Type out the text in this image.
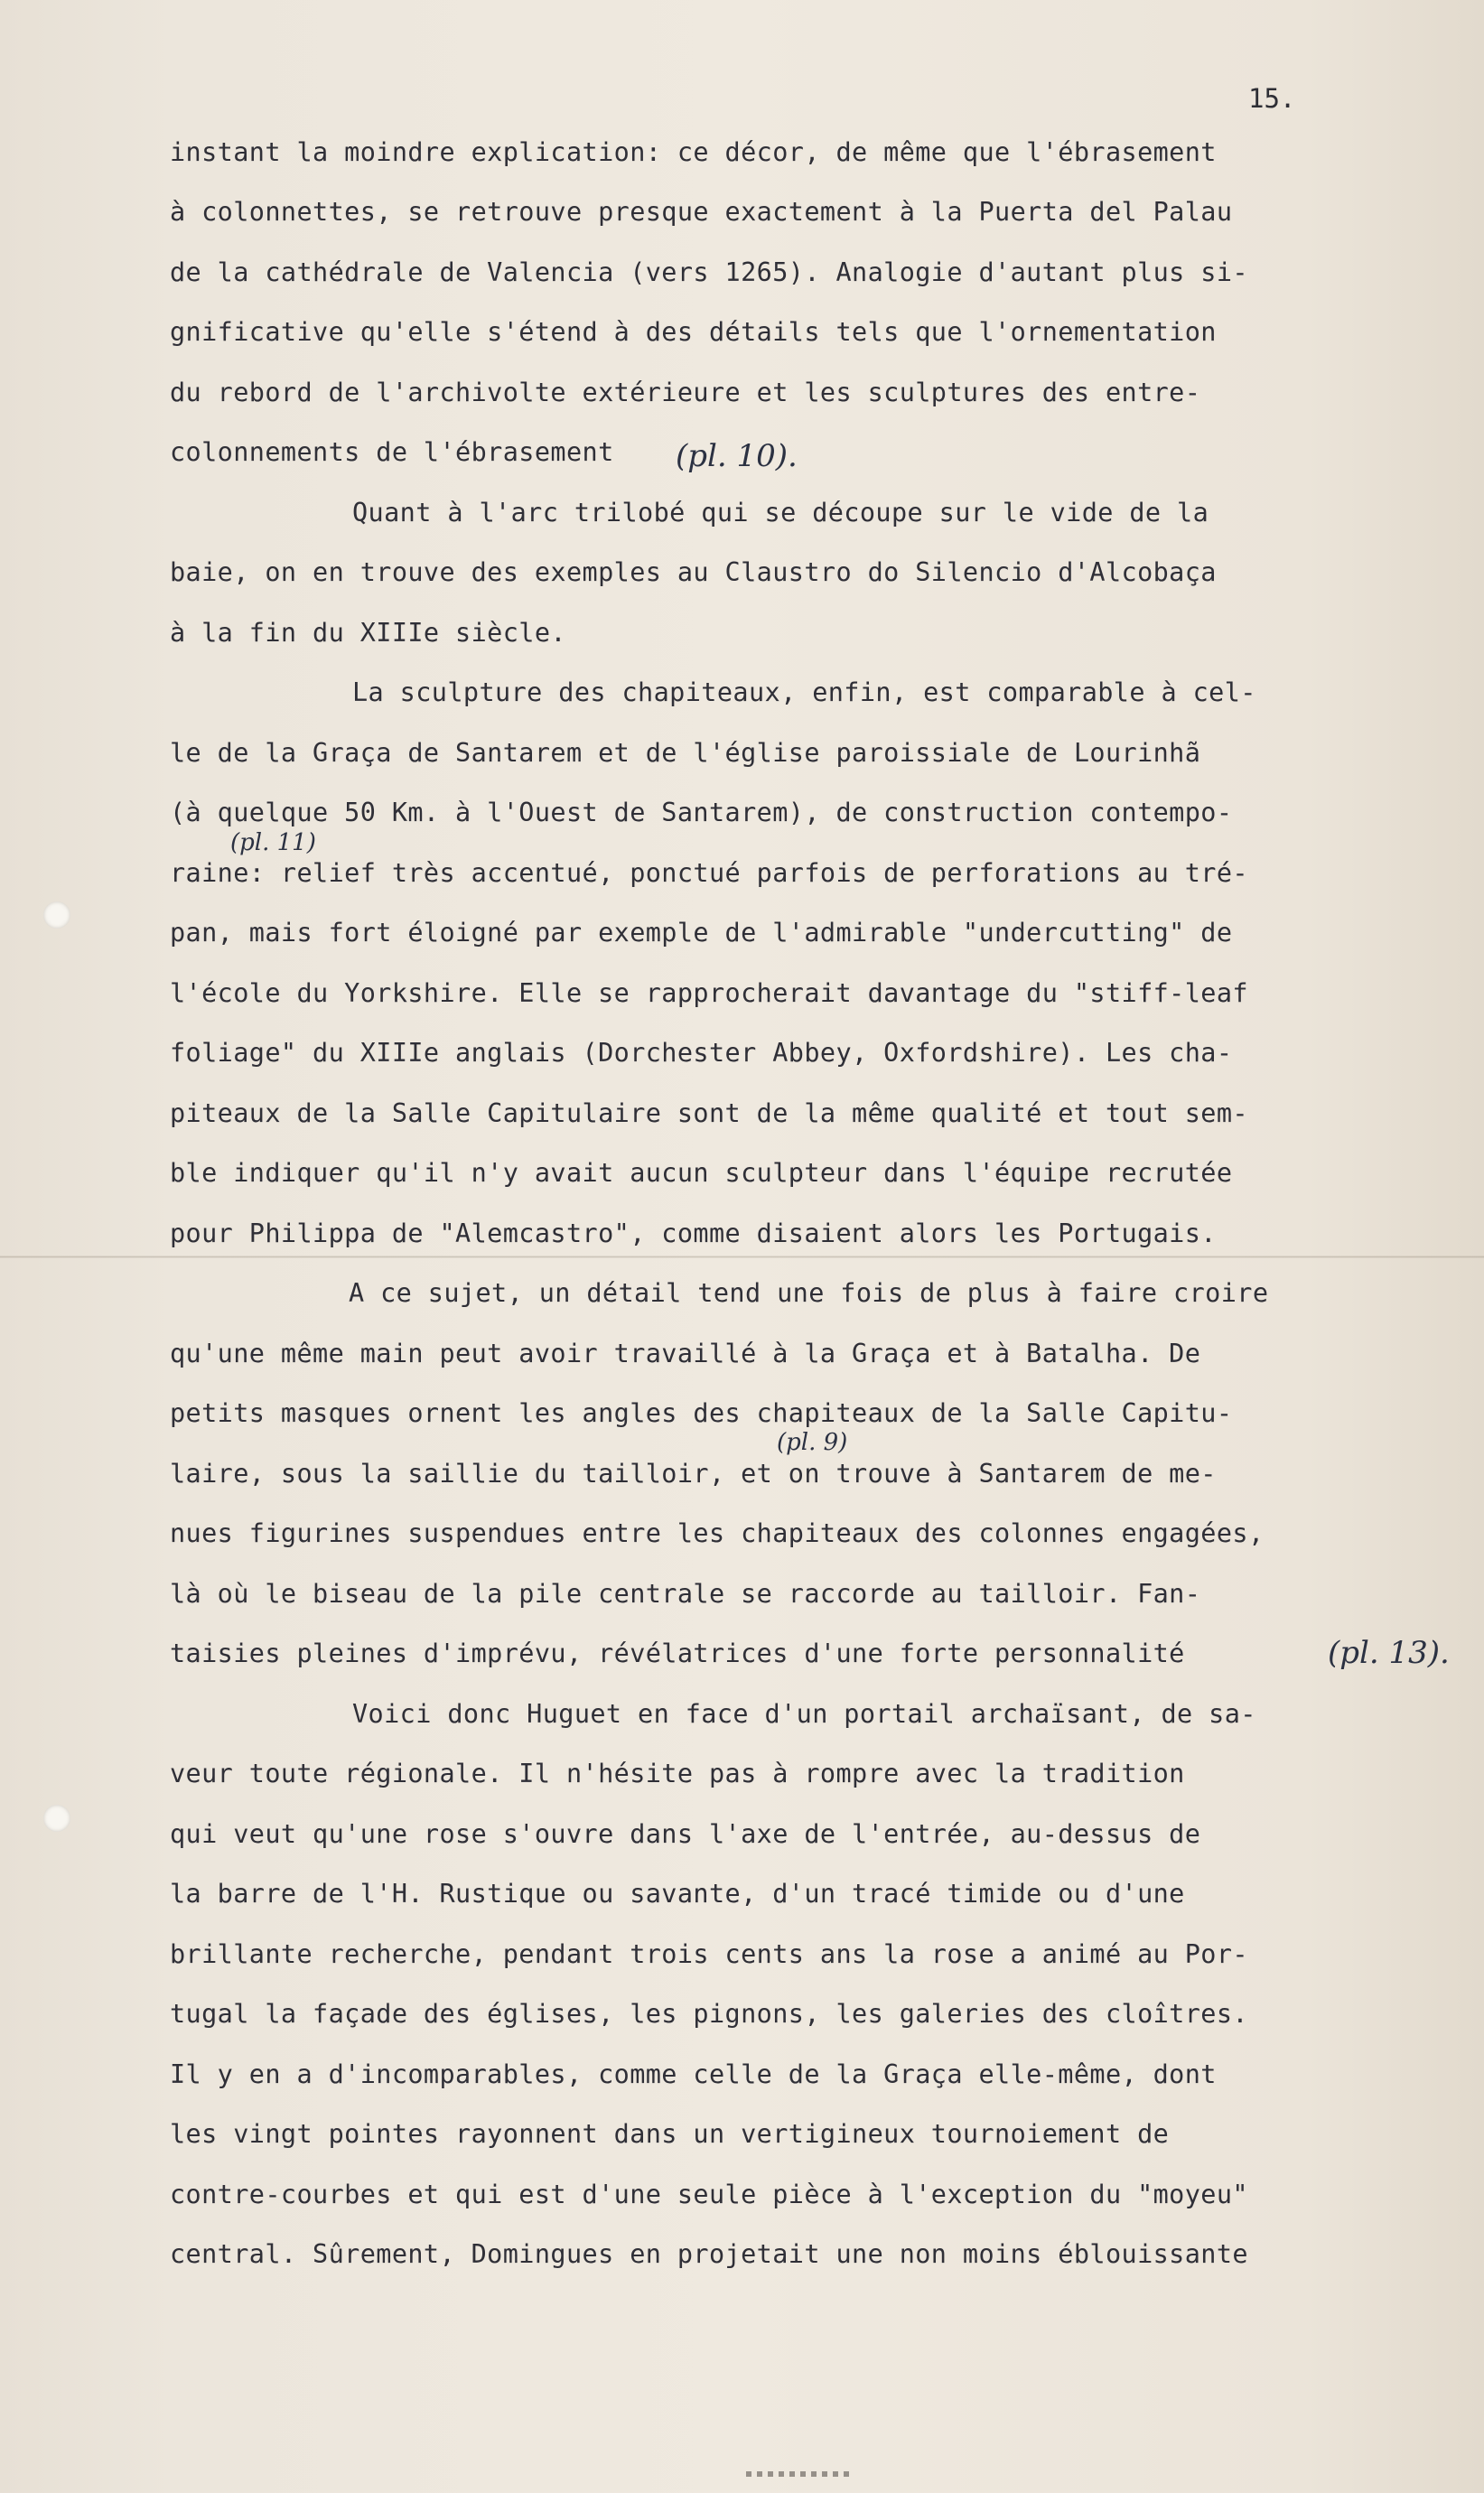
15.
instant la moindre explication: ce décor, de même que l'ébrasement
à colonnettes, se retrouve presque exactement à la Puerta del Palau
de la cathédrale de Valencia (vers 1265). Analogie d'autant plus si-
gnificative qu'elle s'étend à des détails tels que l'ornementation
du rebord de l'archivolte extérieure et les sculptures des entre-
colonnements de l'ébrasement
Quant à l'arc trilobé qui se découpe sur le vide de la
baie, on en trouve des exemples au Claustro do Silencio d'Alcobaça
à la fin du XIIIe siècle.
La sculpture des chapiteaux, enfin, est comparable à cel-
le de la Graça de Santarem et de l'église paroissiale de Lourinhã
(à quelque 50 Km. à l'Ouest de Santarem), de construction contempo-
raine: relief très accentué, ponctué parfois de perforations au tré-
pan, mais fort éloigné par exemple de l'admirable "undercutting" de
l'école du Yorkshire. Elle se rapprocherait davantage du "stiff-leaf
foliage" du XIIIe anglais (Dorchester Abbey, Oxfordshire). Les cha-
piteaux de la Salle Capitulaire sont de la même qualité et tout sem-
ble indiquer qu'il n'y avait aucun sculpteur dans l'équipe recrutée
pour Philippa de "Alemcastro", comme disaient alors les Portugais.
A ce sujet, un détail tend une fois de plus à faire croire
qu'une même main peut avoir travaillé à la Graça et à Batalha. De
petits masques ornent les angles des chapiteaux de la Salle Capitu-
laire, sous la saillie du tailloir, et on trouve à Santarem de me-
nues figurines suspendues entre les chapiteaux des colonnes engagées,
là où le biseau de la pile centrale se raccorde au tailloir. Fan-
taisies pleines d'imprévu, révélatrices d'une forte personnalité
Voici donc Huguet en face d'un portail archaïsant, de sa-
veur toute régionale. Il n'hésite pas à rompre avec la tradition
qui veut qu'une rose s'ouvre dans l'axe de l'entrée, au-dessus de
la barre de l'H. Rustique ou savante, d'un tracé timide ou d'une
brillante recherche, pendant trois cents ans la rose a animé au Por-
tugal la façade des églises, les pignons, les galeries des cloîtres.
Il y en a d'incomparables, comme celle de la Graça elle-même, dont
les vingt pointes rayonnent dans un vertigineux tournoiement de
contre-courbes et qui est d'une seule pièce à l'exception du "moyeu"
central. Sûrement, Domingues en projetait une non moins éblouissante
(pl. 10).
(pl. 11)
(pl. 9)
(pl. 13).
